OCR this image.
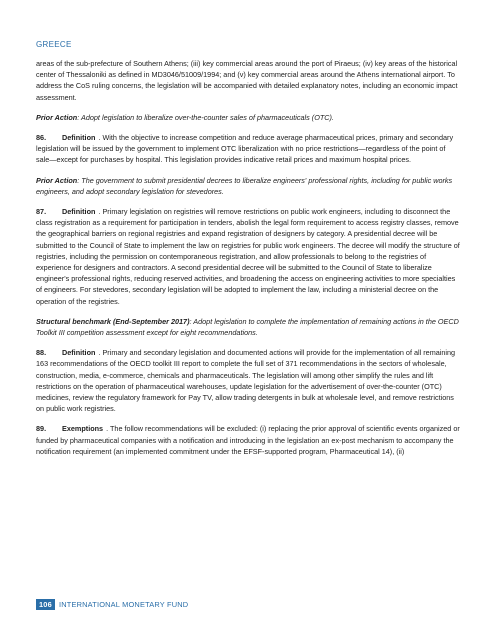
GREECE

areas of the sub-prefecture of Southern Athens; (iii) key commercial areas around the port of Piraeus; (iv) key areas of the historical center of Thessaloniki as defined in MD3046/51009/1994; and (v) key commercial areas around the Athens international airport. To address the CoS ruling concerns, the legislation will be accompanied with detailed explanatory notes, including an economic impact assessment.

Prior Action: Adopt legislation to liberalize over-the-counter sales of pharmaceuticals (OTC).

86. Definition . With the objective to increase competition and reduce average pharmaceutical prices, primary and secondary legislation will be issued by the government to implement OTC liberalization with no price restrictions—regardless of the point of sale—except for purchases by hospital. This legislation provides indicative retail prices and maximum hospital prices.

Prior Action: The government to submit presidential decrees to liberalize engineers' professional rights, including for public works engineers, and adopt secondary legislation for stevedores.

87. Definition . Primary legislation on registries will remove restrictions on public work engineers, including to disconnect the class registration as a requirement for participation in tenders, abolish the legal form requirement to access registry classes, remove the geographical barriers on regional registries and expand registration of designers by category. A presidential decree will be submitted to the Council of State to implement the law on registries for public work engineers. The decree will modify the structure of registries, including the permission on contemporaneous registration, and allow professionals to belong to the registries of experience for designers and contractors. A second presidential decree will be submitted to the Council of State to liberalize engineer's professional rights, reducing reserved activities, and broadening the access on engineering activities to more specialties of engineers. For stevedores, secondary legislation will be adopted to implement the law, including a ministerial decree on the operation of the registries.

Structural benchmark (End-September 2017): Adopt legislation to complete the implementation of remaining actions in the OECD Toolkit III competition assessment except for eight recommendations.

88. Definition . Primary and secondary legislation and documented actions will provide for the implementation of all remaining 163 recommendations of the OECD toolkit III report to complete the full set of 371 recommendations in the sectors of wholesale, construction, media, e-commerce, chemicals and pharmaceuticals. The legislation will among other simplify the rules and lift restrictions on the operation of pharmaceutical warehouses, update legislation for the advertisement of over-the-counter (OTC) medicines, review the regulatory framework for Pay TV, allow trading detergents in bulk at wholesale level, and remove restrictions on public work registries.

89. Exemptions . The follow recommendations will be excluded: (i) replacing the prior approval of scientific events organized or funded by pharmaceutical companies with a notification and introducing in the legislation an ex-post mechanism to accompany the notification requirement (an implemented commitment under the EFSF-supported program, Pharmaceutical 14), (ii)

106 INTERNATIONAL MONETARY FUND
